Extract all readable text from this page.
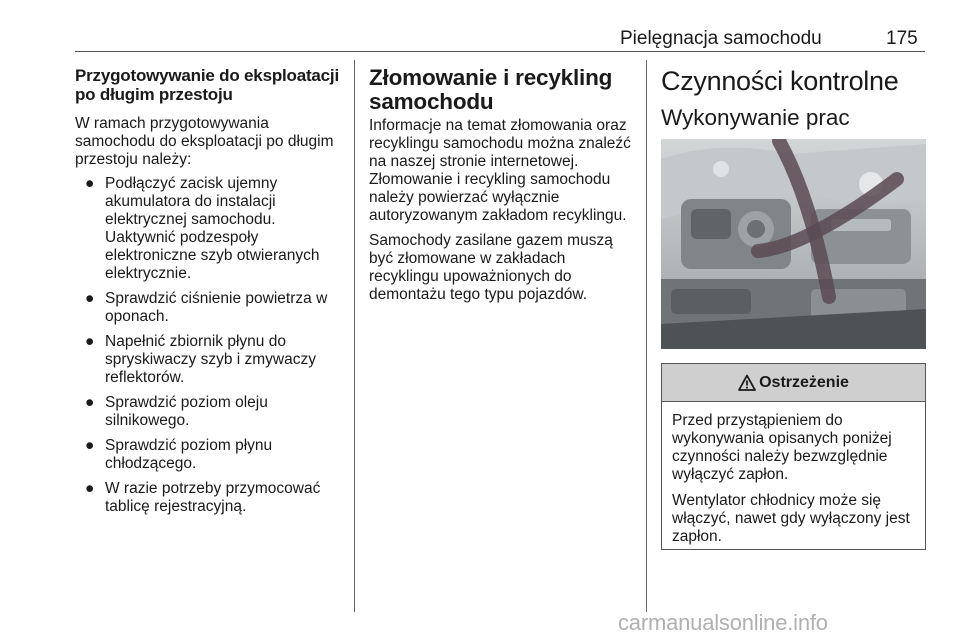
Pielęgnacja samochodu	175
Przygotowywanie do eksploatacji po długim przestoju

W ramach przygotowywania samochodu do eksploatacji po długim przestoju należy:

● Podłączyć zacisk ujemny akumulatora do instalacji elektrycznej samochodu. Uaktywnić podzespoły elektroniczne szyb otwieranych elektrycznie.
● Sprawdzić ciśnienie powietrza w oponach.
● Napełnić zbiornik płynu do spryskiwaczy szyb i zmywaczy reflektorów.
● Sprawdzić poziom oleju silnikowego.
● Sprawdzić poziom płynu chłodzącego.
● W razie potrzeby przymocować tablicę rejestracyjną.
Złomowanie i recykling samochodu

Informacje na temat złomowania oraz recyklingu samochodu można znaleźć na naszej stronie internetowej. Złomowanie i recykling samochodu należy powierzać wyłącznie autoryzowanym zakładom recyklingu.

Samochody zasilane gazem muszą być złomowane w zakładach recyklingu upoważnionych do demontażu tego typu pojazdów.

Czynności kontrolne
Wykonywanie prac
Ostrzeżenie

Przed przystąpieniem do wykonywania opisanych poniżej czynności należy bezwzględnie wyłączyć zapłon.

Wentylator chłodnicy może się włączyć, nawet gdy wyłączony jest zapłon.

carmanualsonline.info
